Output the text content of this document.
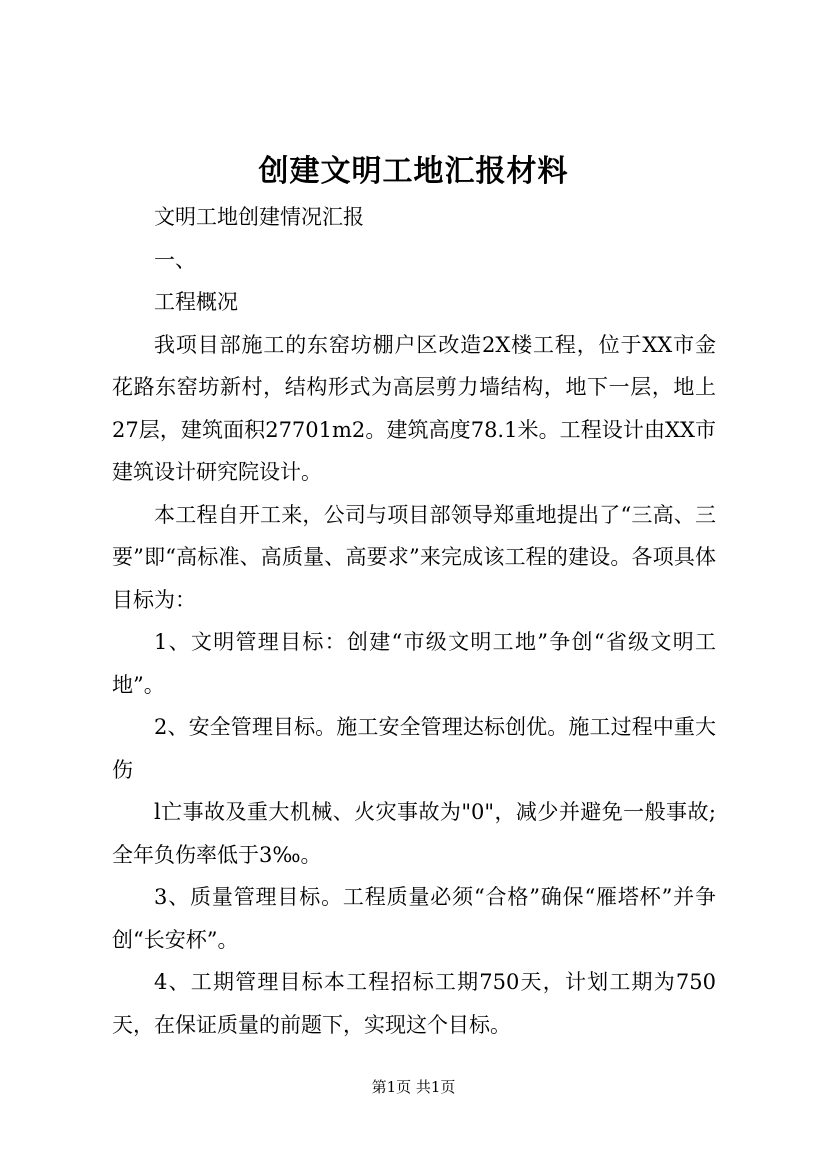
创建文明工地汇报材料

文明工地创建情况汇报

一、

工程概况

我项目部施工的东窑坊棚户区改造2X楼工程，位于XX市金花路东窑坊新村，结构形式为高层剪力墙结构，地下一层，地上27层，建筑面积27701m2。建筑高度78.1米。工程设计由XX市建筑设计研究院设计。

本工程自开工来，公司与项目部领导郑重地提出了“三高、三要”即“高标准、高质量、高要求”来完成该工程的建设。各项具体目标为：

1、文明管理目标：创建“市级文明工地”争创“省级文明工地”。

2、安全管理目标。施工安全管理达标创优。施工过程中重大伤

l亡事故及重大机械、火灾事故为"0"，减少并避免一般事故;全年负伤率低于3‰。

3、质量管理目标。工程质量必须“合格”确保“雁塔杯”并争创“长安杯”。

4、工期管理目标本工程招标工期750天，计划工期为750天，在保证质量的前题下，实现这个目标。

第1页 共1页
